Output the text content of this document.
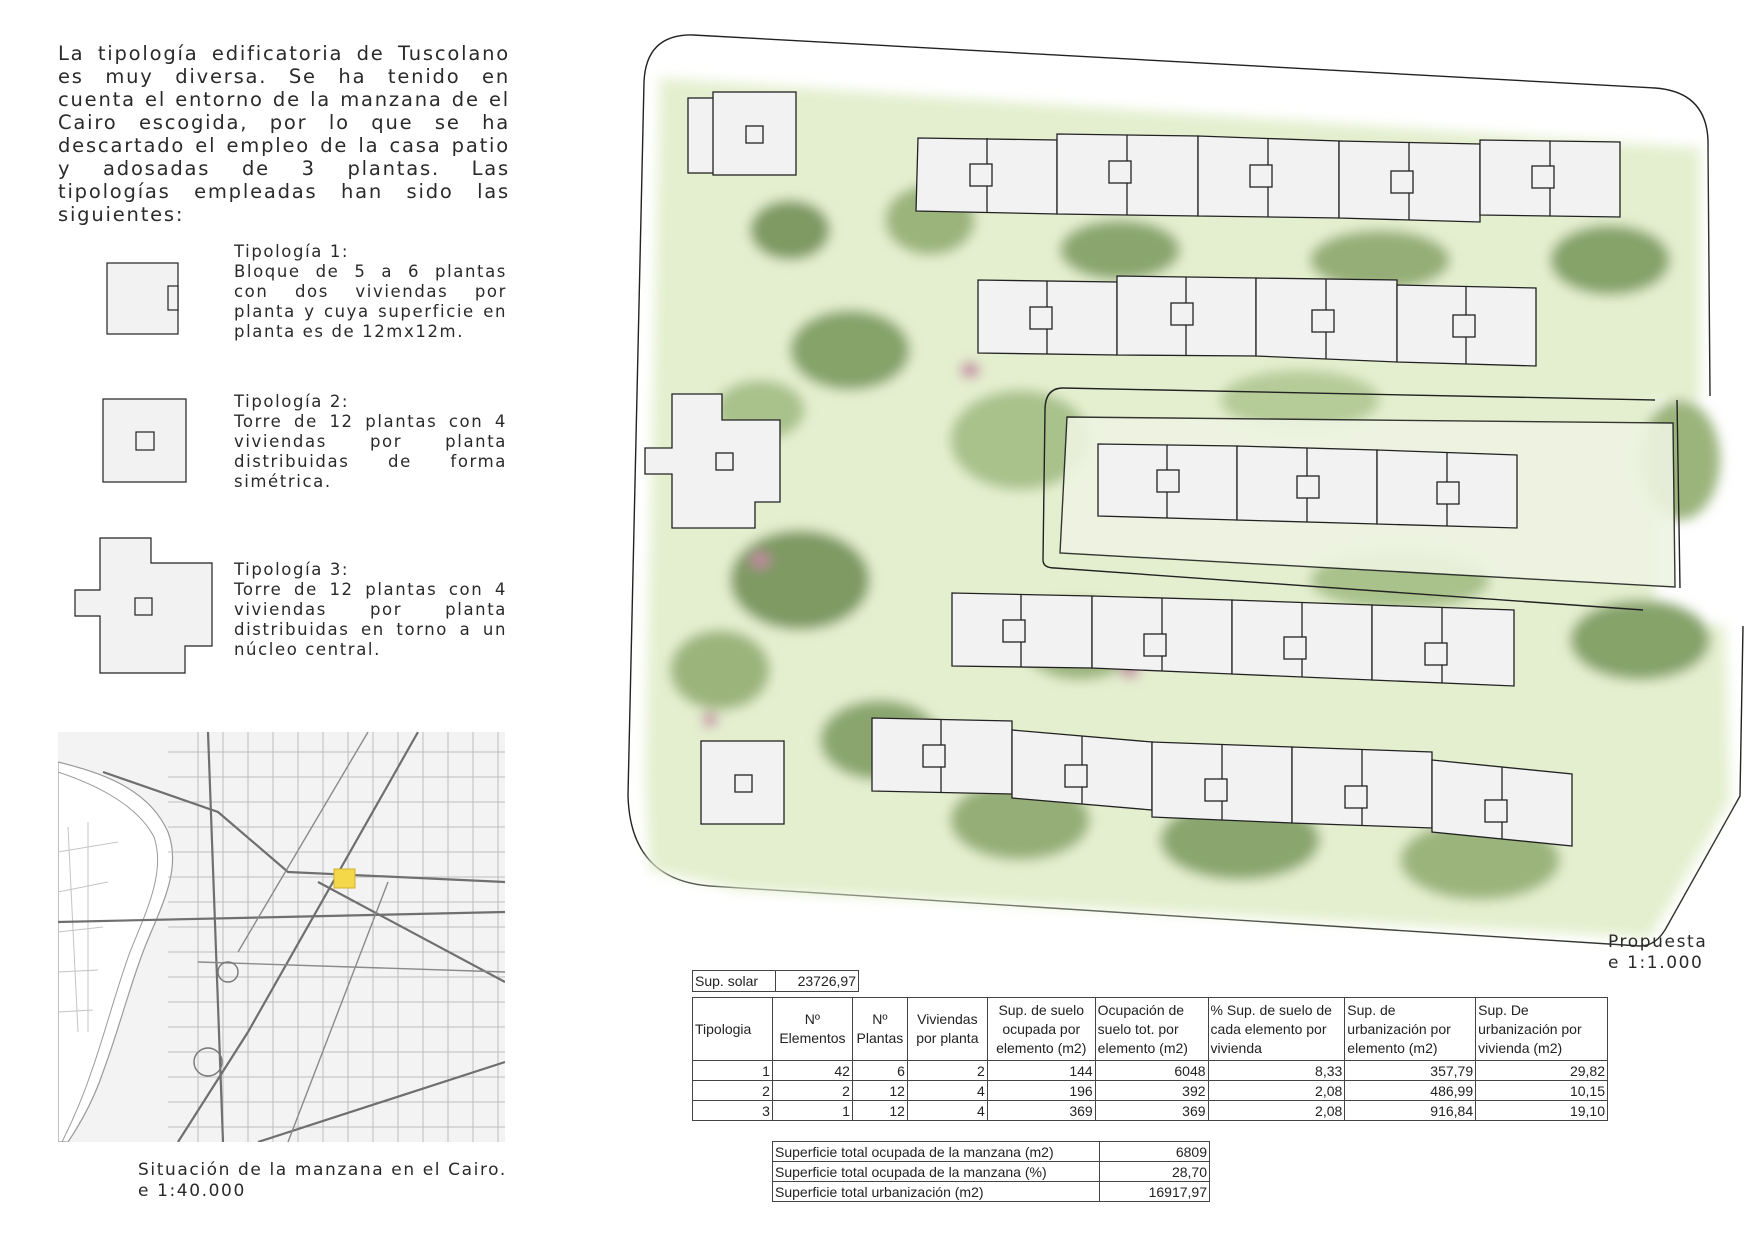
La tipología edificatoria de Tuscolano es muy diversa. Se ha tenido en cuenta el entorno de la manzana de el Cairo escogida, por lo que se ha descartado el empleo de la casa patio y adosadas de 3 plantas. Las tipologías empleadas han sido las siguientes:

Tipología 1:

Bloque de 5 a 6 plantas con dos viviendas por planta y cuya superficie en planta es de 12mx12m.

Tipología 2:

Torre de 12 plantas con 4 viviendas por planta distribuidas de forma simétrica.

Tipología 3:

Torre de 12 plantas con 4 viviendas por planta distribuidas en torno a un núcleo central.

Situación de la manzana en el Cairo.
e 1:40.000
Propuesta
e 1:1.000
Sup. solar	23726,97
Tipologia	Nº Elementos	Nº Plantas	Viviendas por planta	Sup. de suelo ocupada por elemento (m2)	Ocupación de suelo tot. por elemento (m2)	% Sup. de suelo de cada elemento por vivienda	Sup. de urbanización por elemento (m2)	Sup. De urbanización por vivienda (m2)
1	42	6	2	144	6048	8,33	357,79	29,82
2	2	12	4	196	392	2,08	486,99	10,15
3	1	12	4	369	369	2,08	916,84	19,10
Superficie total ocupada de la manzana (m2)	6809
Superficie total ocupada de la manzana (%)	28,70
Superficie total urbanización (m2)	16917,97
